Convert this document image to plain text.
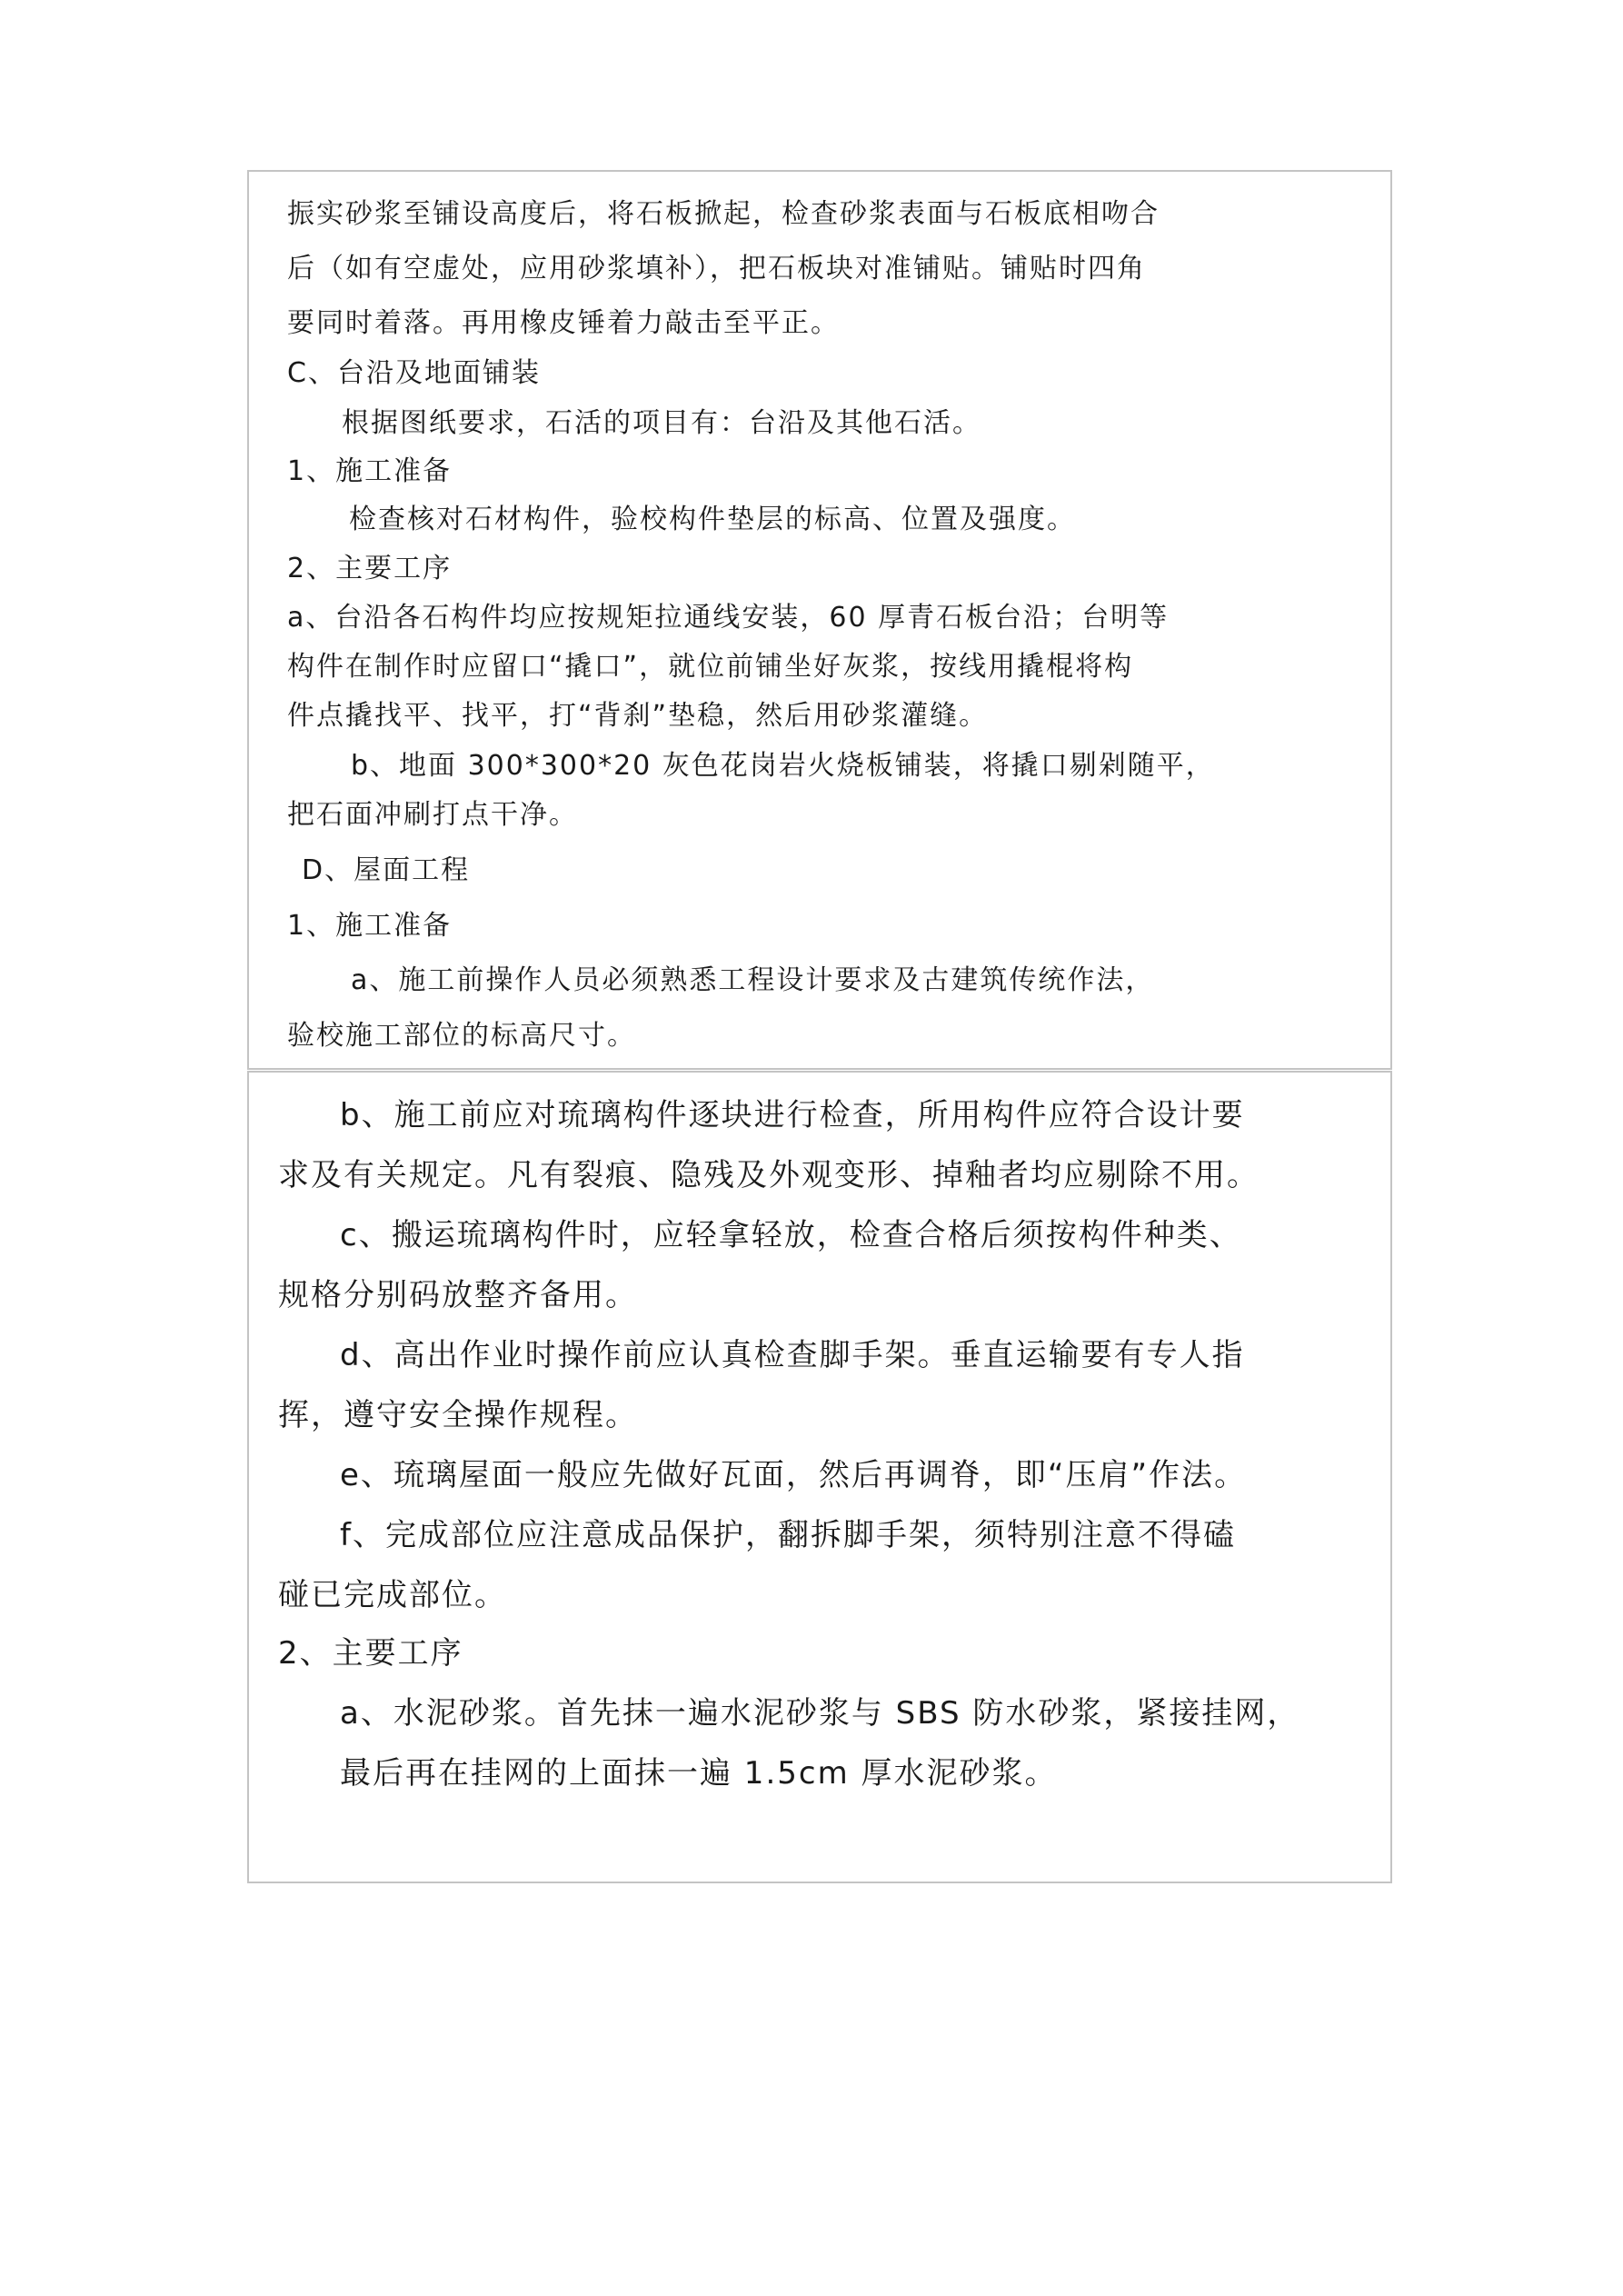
振实砂浆至铺设高度后，将石板掀起，检查砂浆表面与石板底相吻合
后（如有空虚处，应用砂浆填补），把石板块对准铺贴。铺贴时四角
要同时着落。再用橡皮锤着力敲击至平正。
C、台沿及地面铺装
根据图纸要求，石活的项目有：台沿及其他石活。
1、施工准备
检查核对石材构件，验校构件垫层的标高、位置及强度。
2、主要工序
a、台沿各石构件均应按规矩拉通线安装，60 厚青石板台沿；台明等
构件在制作时应留口“撬口”，就位前铺坐好灰浆，按线用撬棍将构
件点撬找平、找平，打“背刹”垫稳，然后用砂浆灌缝。
b、地面 300*300*20 灰色花岗岩火烧板铺装，将撬口剔剁随平，
把石面冲刷打点干净。
D、屋面工程
1、施工准备
a、施工前操作人员必须熟悉工程设计要求及古建筑传统作法，
验校施工部位的标高尺寸。
b、施工前应对琉璃构件逐块进行检查，所用构件应符合设计要
求及有关规定。凡有裂痕、隐残及外观变形、掉釉者均应剔除不用。
c、搬运琉璃构件时，应轻拿轻放，检查合格后须按构件种类、
规格分别码放整齐备用。
d、高出作业时操作前应认真检查脚手架。垂直运输要有专人指
挥，遵守安全操作规程。
e、琉璃屋面一般应先做好瓦面，然后再调脊，即“压肩”作法。
f、完成部位应注意成品保护，翻拆脚手架，须特别注意不得磕
碰已完成部位。
2、主要工序
a、水泥砂浆。首先抹一遍水泥砂浆与 SBS 防水砂浆，紧接挂网，
最后再在挂网的上面抹一遍 1.5cm 厚水泥砂浆。
